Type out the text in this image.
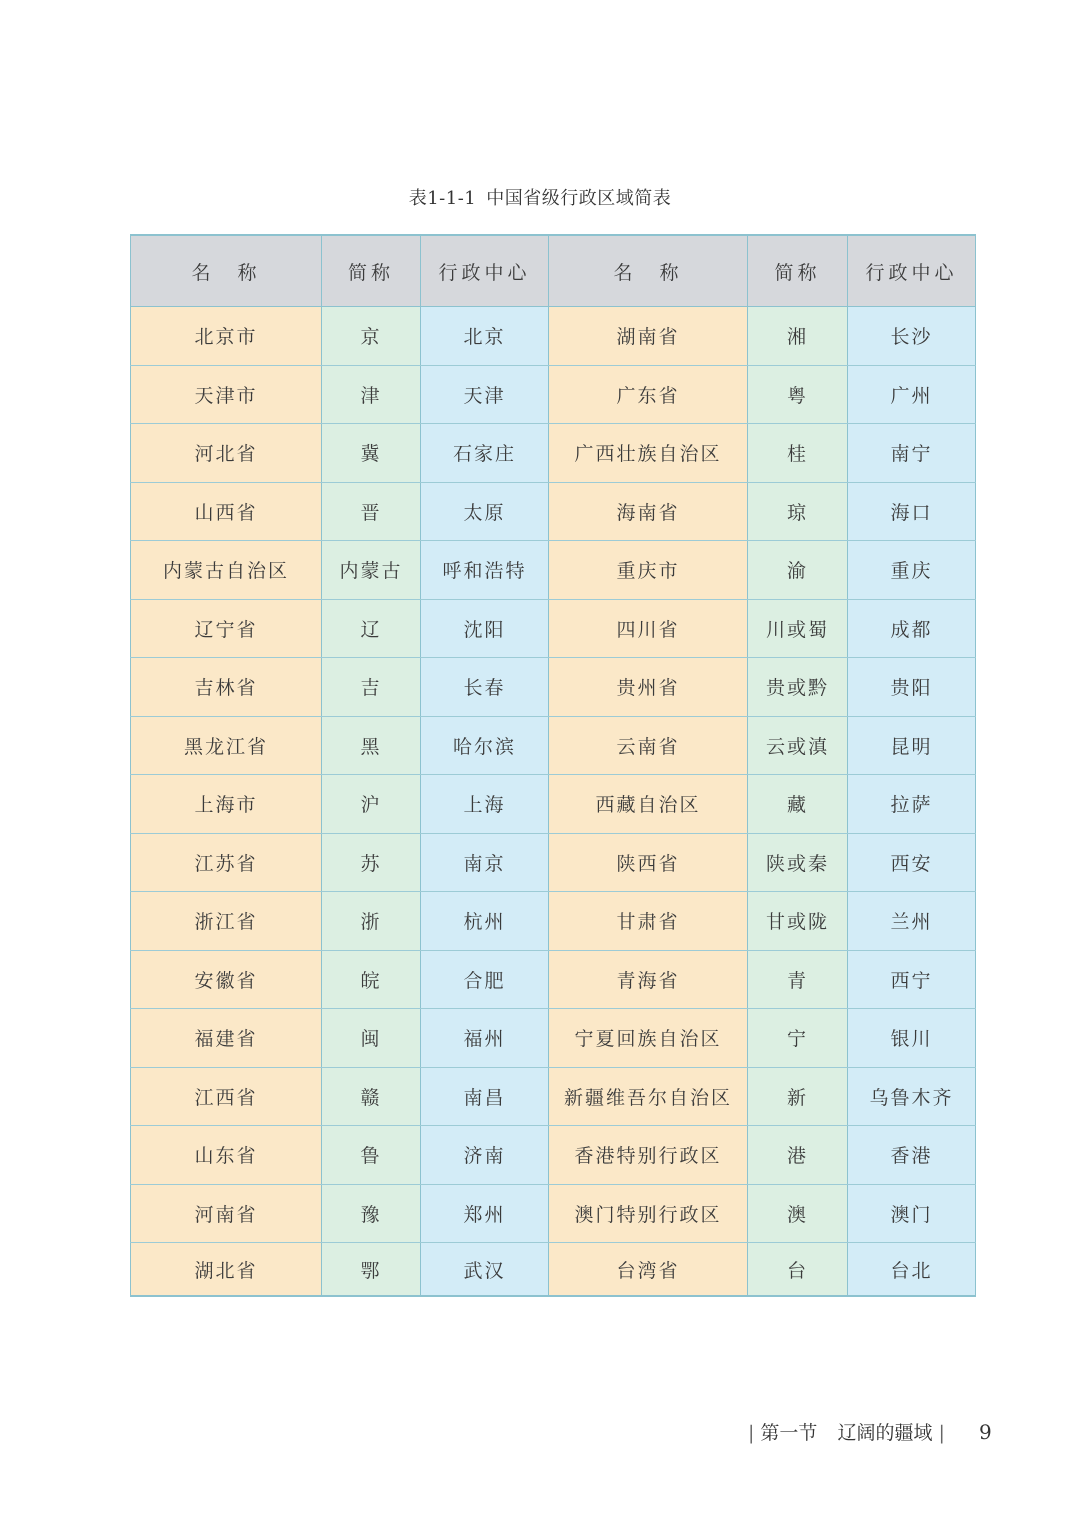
表1-1-1 中国省级行政区域简表
名　称	简称	行政中心	名　称	简称	行政中心
北京市	京	北京	湖南省	湘	长沙
天津市	津	天津	广东省	粤	广州
河北省	冀	石家庄	广西壮族自治区	桂	南宁
山西省	晋	太原	海南省	琼	海口
内蒙古自治区	内蒙古	呼和浩特	重庆市	渝	重庆
辽宁省	辽	沈阳	四川省	川或蜀	成都
吉林省	吉	长春	贵州省	贵或黔	贵阳
黑龙江省	黑	哈尔滨	云南省	云或滇	昆明
上海市	沪	上海	西藏自治区	藏	拉萨
江苏省	苏	南京	陕西省	陕或秦	西安
浙江省	浙	杭州	甘肃省	甘或陇	兰州
安徽省	皖	合肥	青海省	青	西宁
福建省	闽	福州	宁夏回族自治区	宁	银川
江西省	赣	南昌	新疆维吾尔自治区	新	乌鲁木齐
山东省	鲁	济南	香港特别行政区	港	香港
河南省	豫	郑州	澳门特别行政区	澳	澳门
湖北省	鄂	武汉	台湾省	台	台北
| 第一节 辽阔的疆域 | 9
